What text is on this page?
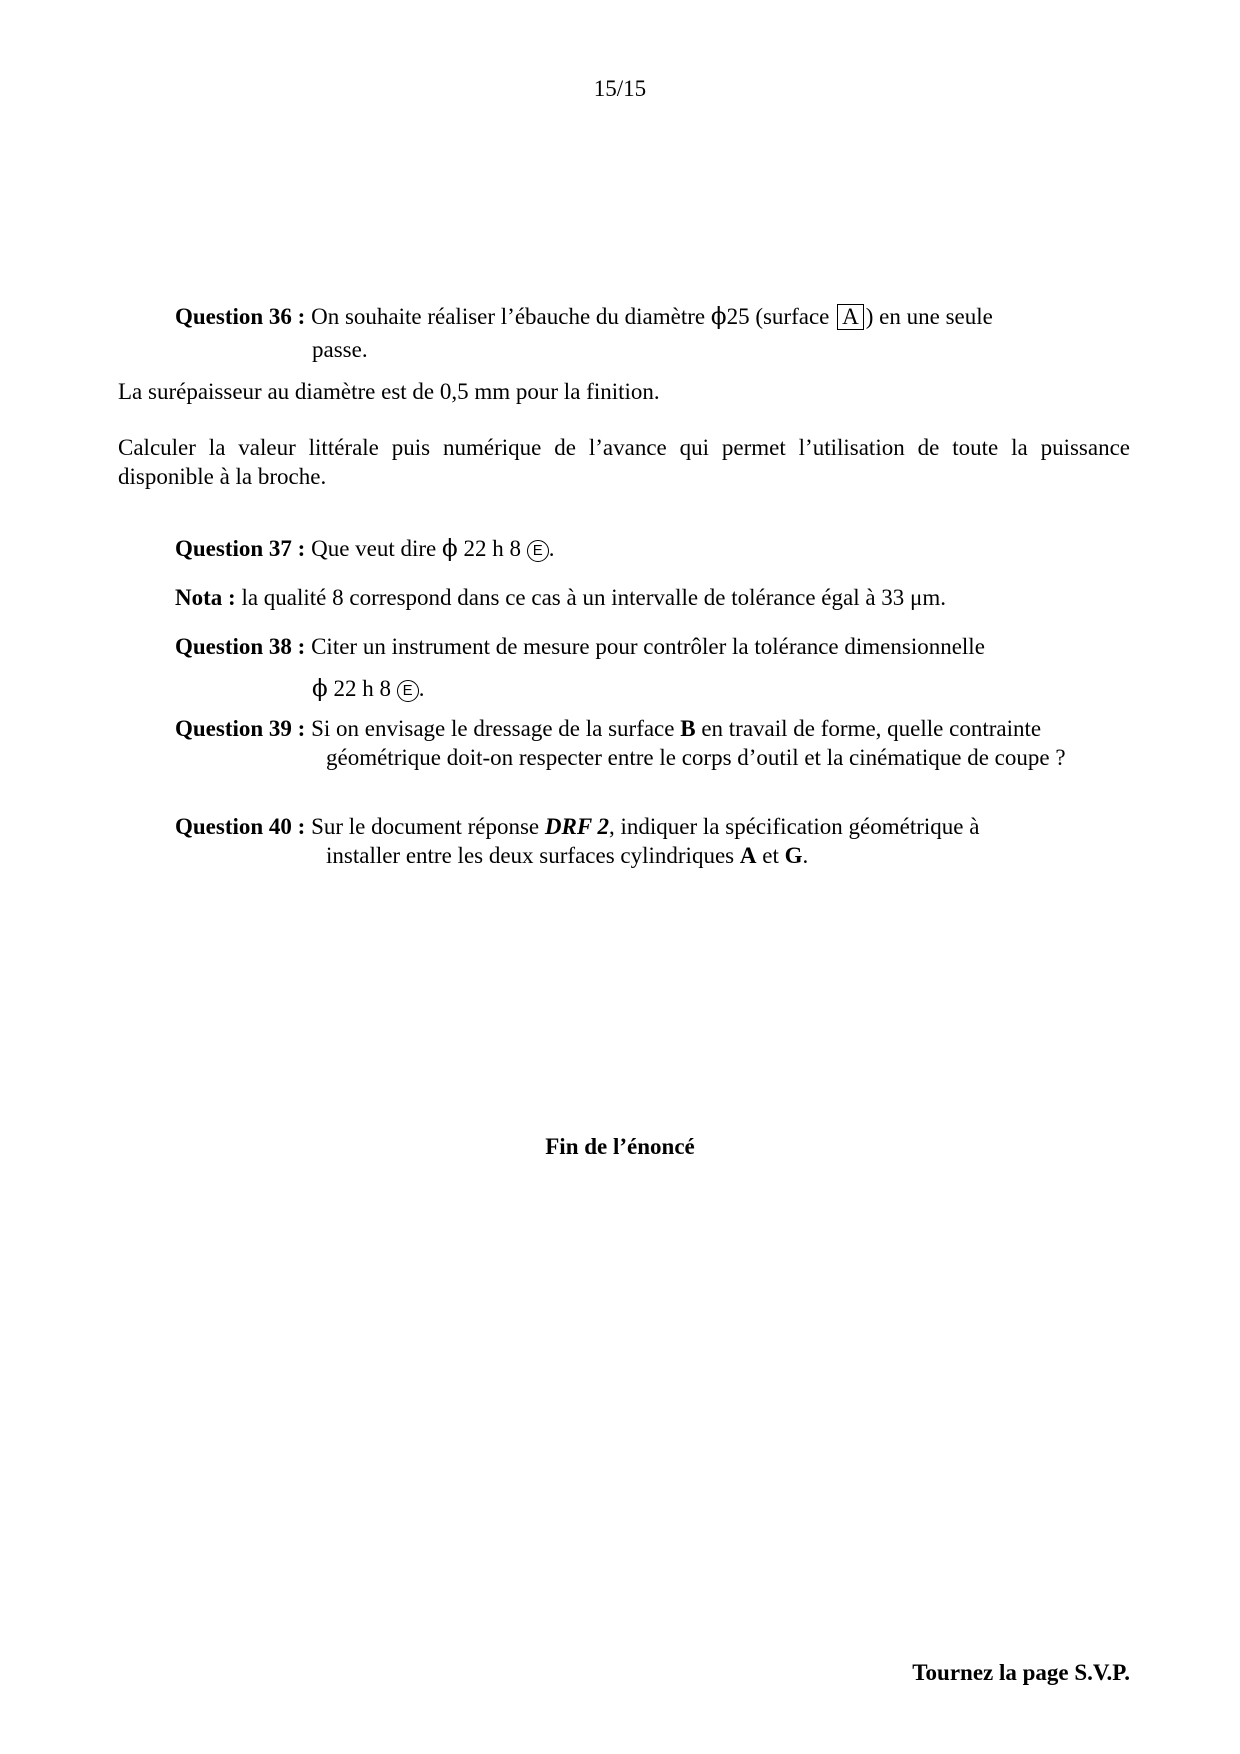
15/15
Question 36 : On souhaite réaliser l’ébauche du diamètre ϕ25 (surface A ) en une seule
passe.
La surépaisseur au diamètre est de 0,5 mm pour la finition.
Calculer la valeur littérale puis numérique de l’avance qui permet l’utilisation de toute la puissance disponible à la broche.
Question 37 : Que veut dire ϕ 22 h 8 E .
Nota : la qualité 8 correspond dans ce cas à un intervalle de tolérance égal à 33 μm.
Question 38 : Citer un instrument de mesure pour contrôler la tolérance dimensionnelle
ϕ 22 h 8 E .
Question 39 : Si on envisage le dressage de la surface B en travail de forme, quelle contrainte
géométrique doit-on respecter entre le corps d’outil et la cinématique de coupe ?
Question 40 : Sur le document réponse DRF 2, indiquer la spécification géométrique à
installer entre les deux surfaces cylindriques A et G.
Fin de l’énoncé
Tournez la page S.V.P.
